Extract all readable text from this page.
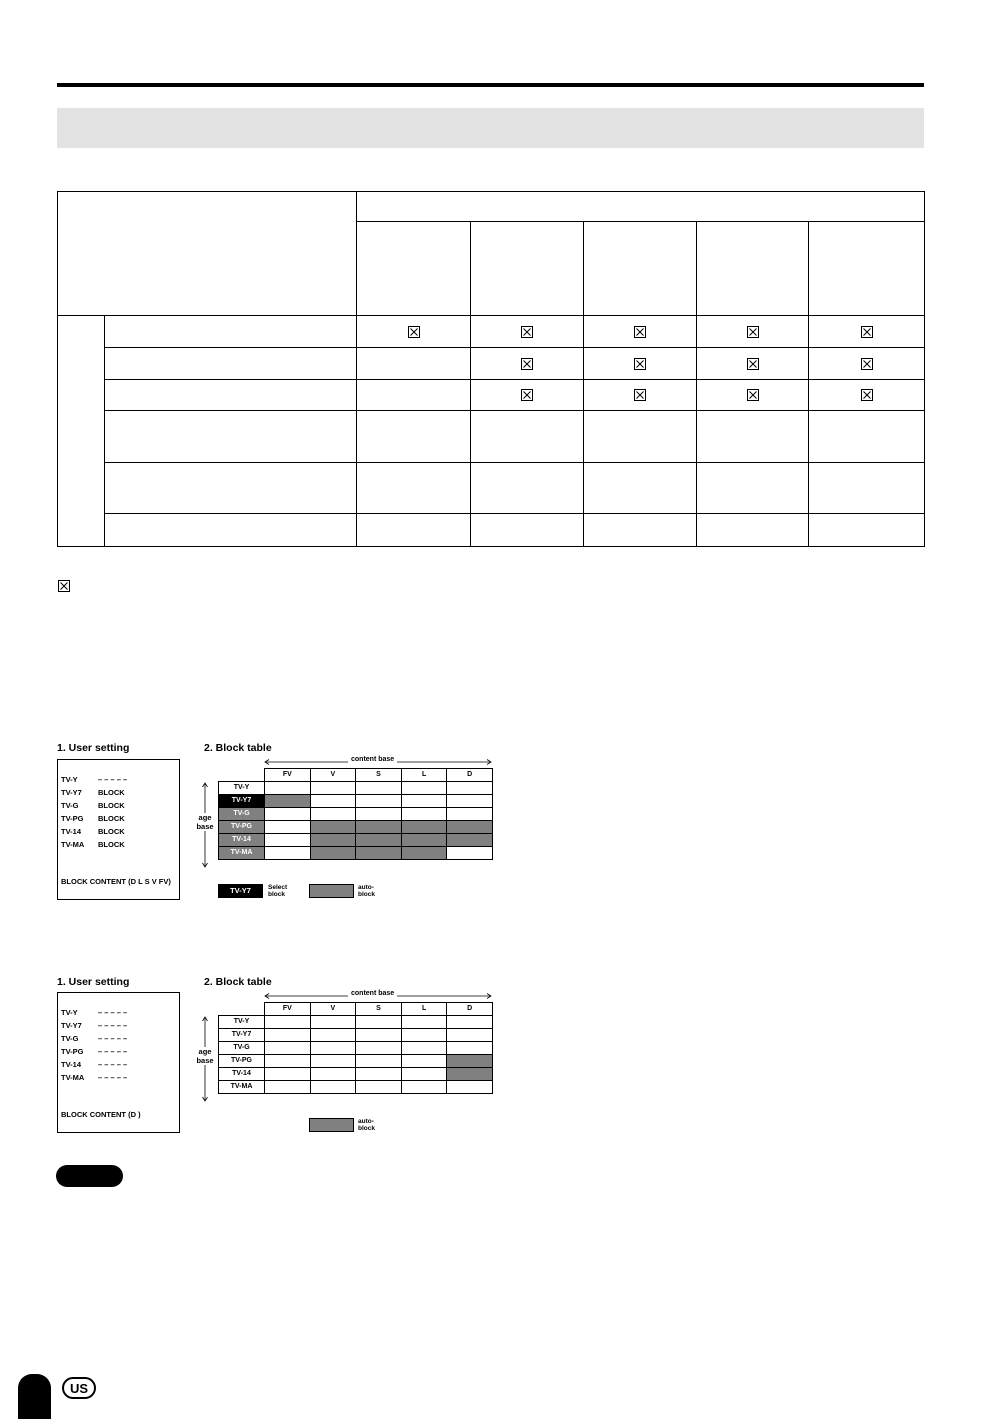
1. User setting	2. Block table
TV-Y	– – – – –
TV-Y7 BLOCK
TV-G	BLOCK
TV-PG BLOCK
TV-14 BLOCK
TV-MA BLOCK
BLOCK CONTENT (D L S V FV)
content base
age
base
	FV	V	S	L	D
TV-Y					
TV-Y7					
TV-G					
TV-PG					
TV-14					
TV-MA					
TV-Y7	Select
block
auto-
block
1. User setting	2. Block table
TV-Y	– – – – –
TV-Y7 – – – – –
TV-G	– – – – –
TV-PG – – – – –
TV-14 – – – – –
TV-MA – – – – –
BLOCK CONTENT (D )
content base
age
base
	FV	V	S	L	D
TV-Y					
TV-Y7					
TV-G					
TV-PG					
TV-14					
TV-MA					
auto-
block
US
